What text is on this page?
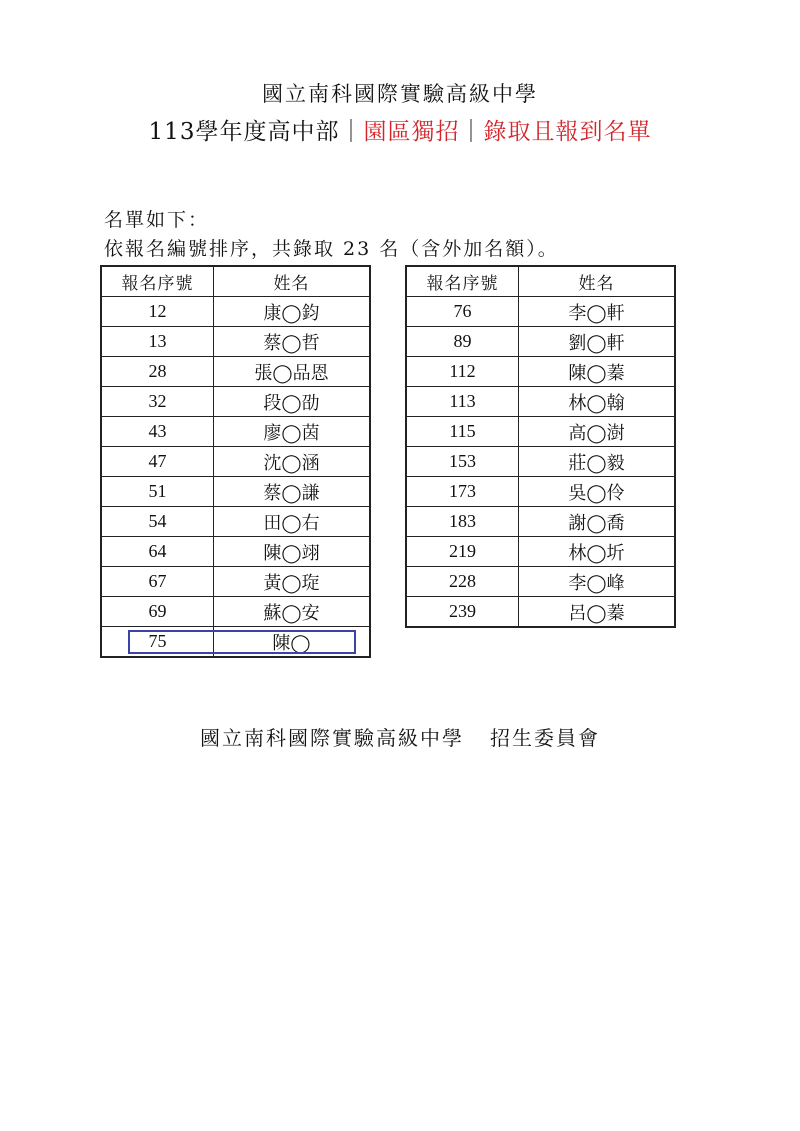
國立南科國際實驗高級中學
113學年度高中部｜園區獨招｜錄取且報到名單
名單如下：
依報名編號排序，共錄取 23 名（含外加名額）。
報名序號	姓名
12	康◯鈞
13	蔡◯哲
28	張◯品恩
32	段◯劭
43	廖◯茵
47	沈◯涵
51	蔡◯謙
54	田◯右
64	陳◯翊
67	黃◯琁
69	蘇◯安
75	陳◯
報名序號	姓名
76	李◯軒
89	劉◯軒
112	陳◯蓁
113	林◯翰
115	高◯澍
153	莊◯毅
173	吳◯伶
183	謝◯喬
219	林◯圻
228	李◯峰
239	呂◯蓁
國立南科國際實驗高級中學 招生委員會
